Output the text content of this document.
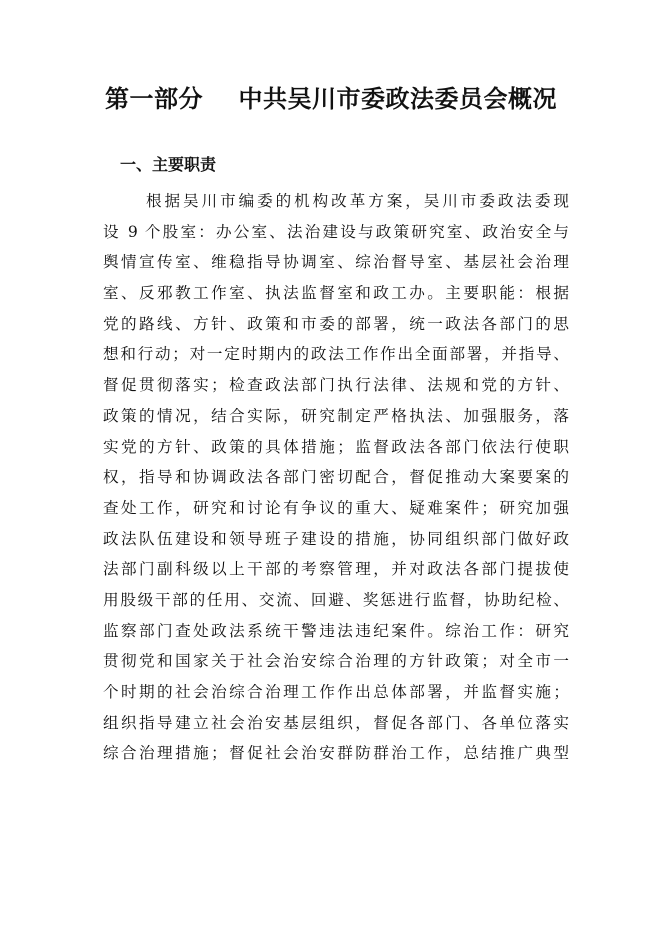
第一部分    中共吴川市委政法委员会概况
一、主要职责
根据吴川市编委的机构改革方案，吴川市委政法委现
设 9 个股室：办公室、法治建设与政策研究室、政治安全与
舆情宣传室、维稳指导协调室、综治督导室、基层社会治理
室、反邪教工作室、执法监督室和政工办。主要职能：根据
党的路线、方针、政策和市委的部署，统一政法各部门的思
想和行动；对一定时期内的政法工作作出全面部署，并指导、
督促贯彻落实；检查政法部门执行法律、法规和党的方针、
政策的情况，结合实际，研究制定严格执法、加强服务，落
实党的方针、政策的具体措施；监督政法各部门依法行使职
权，指导和协调政法各部门密切配合，督促推动大案要案的
查处工作，研究和讨论有争议的重大、疑难案件；研究加强
政法队伍建设和领导班子建设的措施，协同组织部门做好政
法部门副科级以上干部的考察管理，并对政法各部门提拔使
用股级干部的任用、交流、回避、奖惩进行监督，协助纪检、
监察部门查处政法系统干警违法违纪案件。综治工作：研究
贯彻党和国家关于社会治安综合治理的方针政策；对全市一
个时期的社会治综合治理工作作出总体部署，并监督实施；
组织指导建立社会治安基层组织，督促各部门、各单位落实
综合治理措施；督促社会治安群防群治工作，总结推广典型
